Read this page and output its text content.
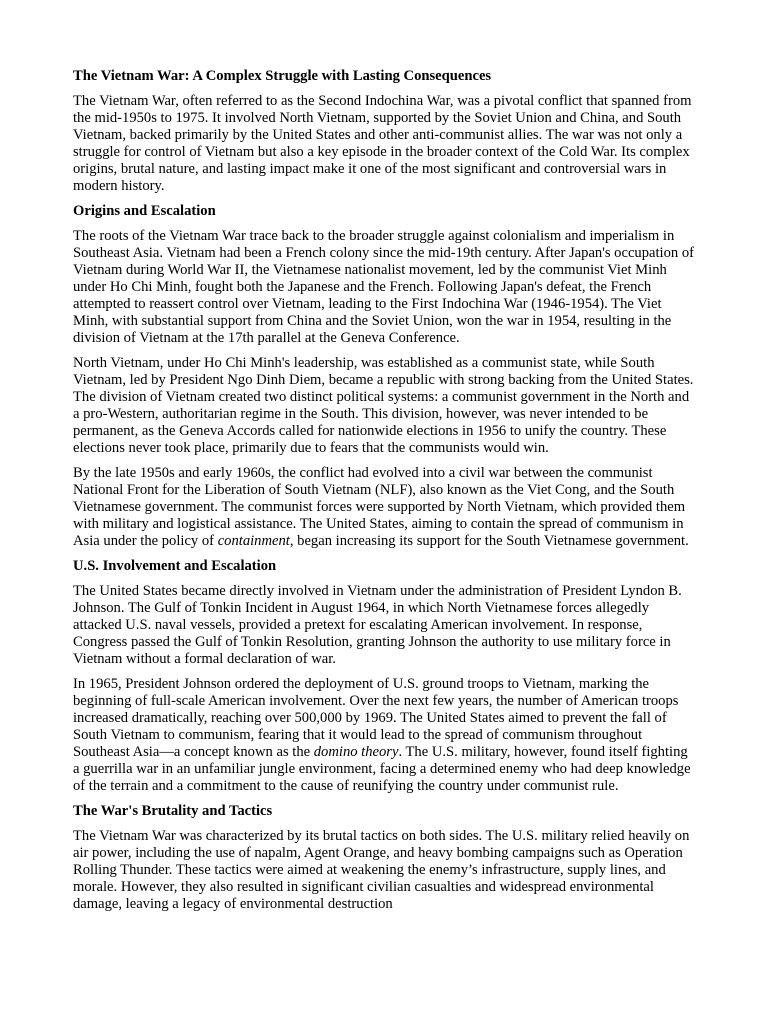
The Vietnam War: A Complex Struggle with Lasting Consequences

The Vietnam War, often referred to as the Second Indochina War, was a pivotal conflict that spanned from the mid-1950s to 1975. It involved North Vietnam, supported by the Soviet Union and China, and South Vietnam, backed primarily by the United States and other anti-communist allies. The war was not only a struggle for control of Vietnam but also a key episode in the broader context of the Cold War. Its complex origins, brutal nature, and lasting impact make it one of the most significant and controversial wars in modern history.

Origins and Escalation

The roots of the Vietnam War trace back to the broader struggle against colonialism and imperialism in Southeast Asia. Vietnam had been a French colony since the mid-19th century. After Japan's occupation of Vietnam during World War II, the Vietnamese nationalist movement, led by the communist Viet Minh under Ho Chi Minh, fought both the Japanese and the French. Following Japan's defeat, the French attempted to reassert control over Vietnam, leading to the First Indochina War (1946-1954). The Viet Minh, with substantial support from China and the Soviet Union, won the war in 1954, resulting in the division of Vietnam at the 17th parallel at the Geneva Conference.

North Vietnam, under Ho Chi Minh's leadership, was established as a communist state, while South Vietnam, led by President Ngo Dinh Diem, became a republic with strong backing from the United States. The division of Vietnam created two distinct political systems: a communist government in the North and a pro-Western, authoritarian regime in the South. This division, however, was never intended to be permanent, as the Geneva Accords called for nationwide elections in 1956 to unify the country. These elections never took place, primarily due to fears that the communists would win.

By the late 1950s and early 1960s, the conflict had evolved into a civil war between the communist National Front for the Liberation of South Vietnam (NLF), also known as the Viet Cong, and the South Vietnamese government. The communist forces were supported by North Vietnam, which provided them with military and logistical assistance. The United States, aiming to contain the spread of communism in Asia under the policy of containment, began increasing its support for the South Vietnamese government.

U.S. Involvement and Escalation

The United States became directly involved in Vietnam under the administration of President Lyndon B. Johnson. The Gulf of Tonkin Incident in August 1964, in which North Vietnamese forces allegedly attacked U.S. naval vessels, provided a pretext for escalating American involvement. In response, Congress passed the Gulf of Tonkin Resolution, granting Johnson the authority to use military force in Vietnam without a formal declaration of war.

In 1965, President Johnson ordered the deployment of U.S. ground troops to Vietnam, marking the beginning of full-scale American involvement. Over the next few years, the number of American troops increased dramatically, reaching over 500,000 by 1969. The United States aimed to prevent the fall of South Vietnam to communism, fearing that it would lead to the spread of communism throughout Southeast Asia—a concept known as the domino theory. The U.S. military, however, found itself fighting a guerrilla war in an unfamiliar jungle environment, facing a determined enemy who had deep knowledge of the terrain and a commitment to the cause of reunifying the country under communist rule.

The War's Brutality and Tactics

The Vietnam War was characterized by its brutal tactics on both sides. The U.S. military relied heavily on air power, including the use of napalm, Agent Orange, and heavy bombing campaigns such as Operation Rolling Thunder. These tactics were aimed at weakening the enemy’s infrastructure, supply lines, and morale. However, they also resulted in significant civilian casualties and widespread environmental damage, leaving a legacy of environmental destruction
